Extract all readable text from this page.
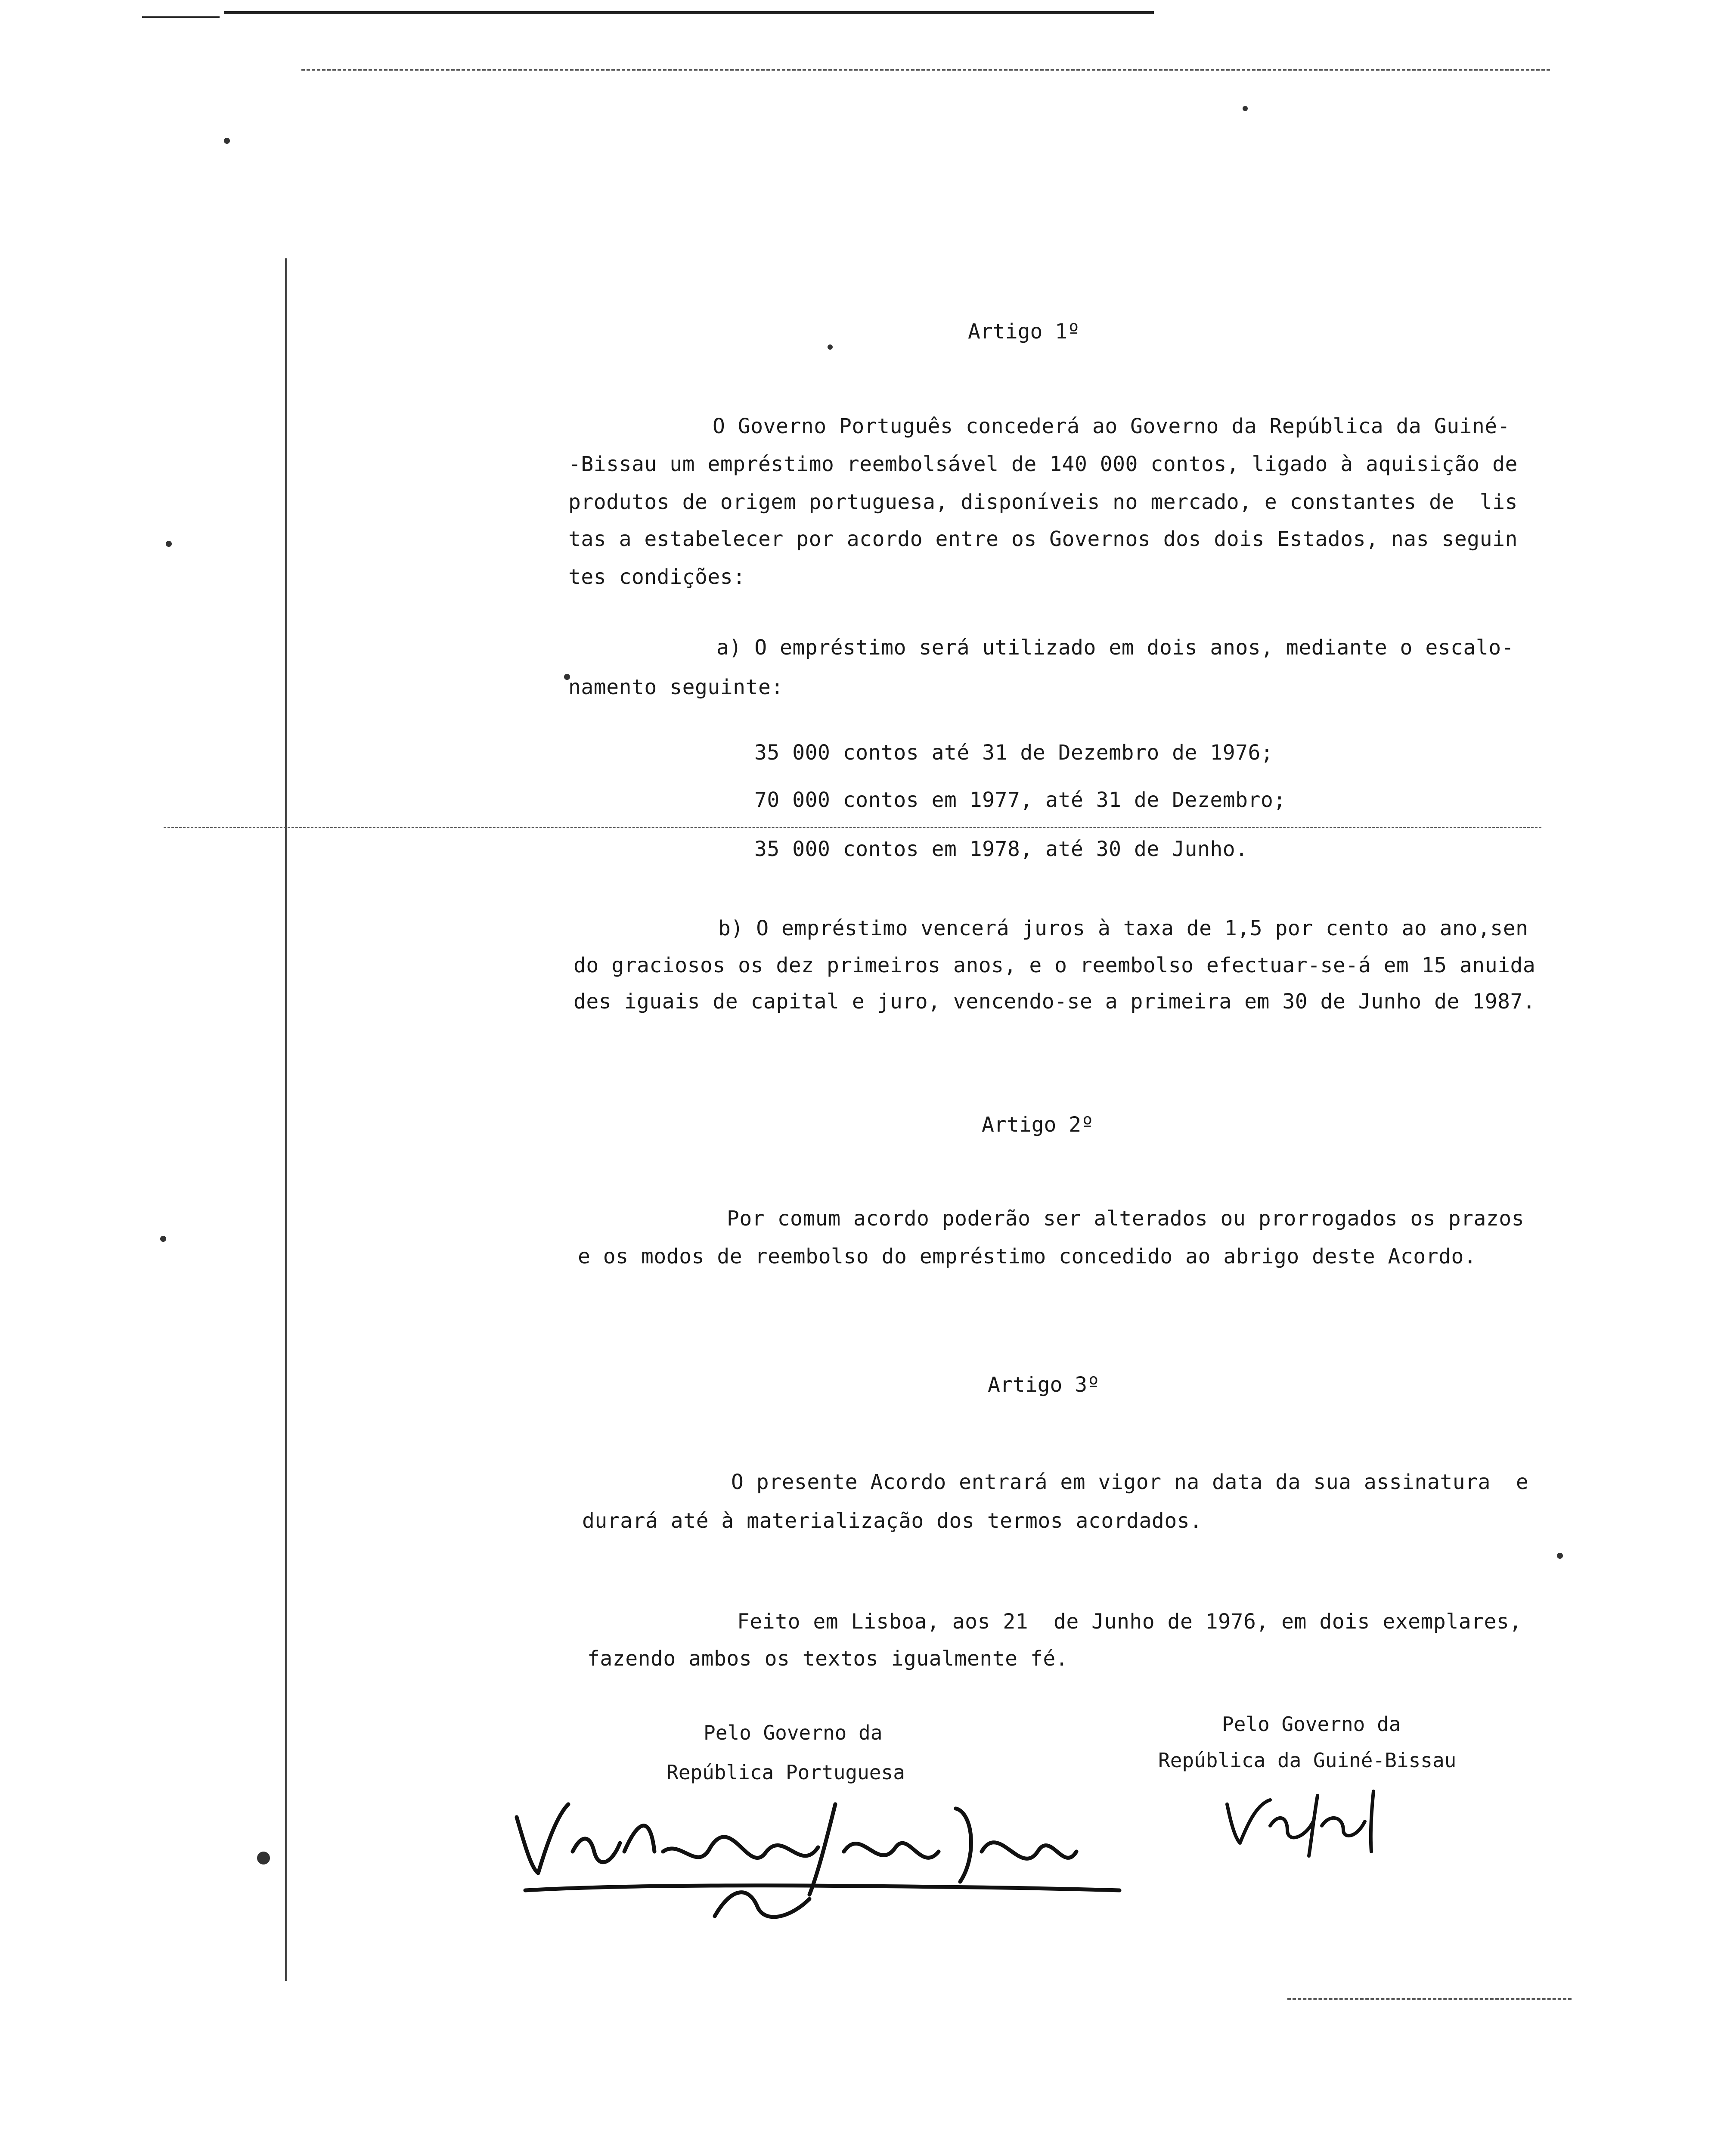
Artigo 1º
O Governo Português concederá ao Governo da República da Guiné-
-Bissau um empréstimo reembolsável de 140 000 contos, ligado à aquisição de
produtos de origem portuguesa, disponíveis no mercado, e constantes de  lis
tas a estabelecer por acordo entre os Governos dos dois Estados, nas seguin
tes condições:
a) O empréstimo será utilizado em dois anos, mediante o escalo-
namento seguinte:
35 000 contos até 31 de Dezembro de 1976;
70 000 contos em 1977, até 31 de Dezembro;
35 000 contos em 1978, até 30 de Junho.
b) O empréstimo vencerá juros à taxa de 1,5 por cento ao ano,sen
do graciosos os dez primeiros anos, e o reembolso efectuar-se-á em 15 anuida
des iguais de capital e juro, vencendo-se a primeira em 30 de Junho de 1987.
Artigo 2º
Por comum acordo poderão ser alterados ou prorrogados os prazos
e os modos de reembolso do empréstimo concedido ao abrigo deste Acordo.
Artigo 3º
O presente Acordo entrará em vigor na data da sua assinatura  e
durará até à materialização dos termos acordados.
Feito em Lisboa, aos 21  de Junho de 1976, em dois exemplares,
fazendo ambos os textos igualmente fé.
Pelo Governo da
República Portuguesa
Pelo Governo da
República da Guiné-Bissau
